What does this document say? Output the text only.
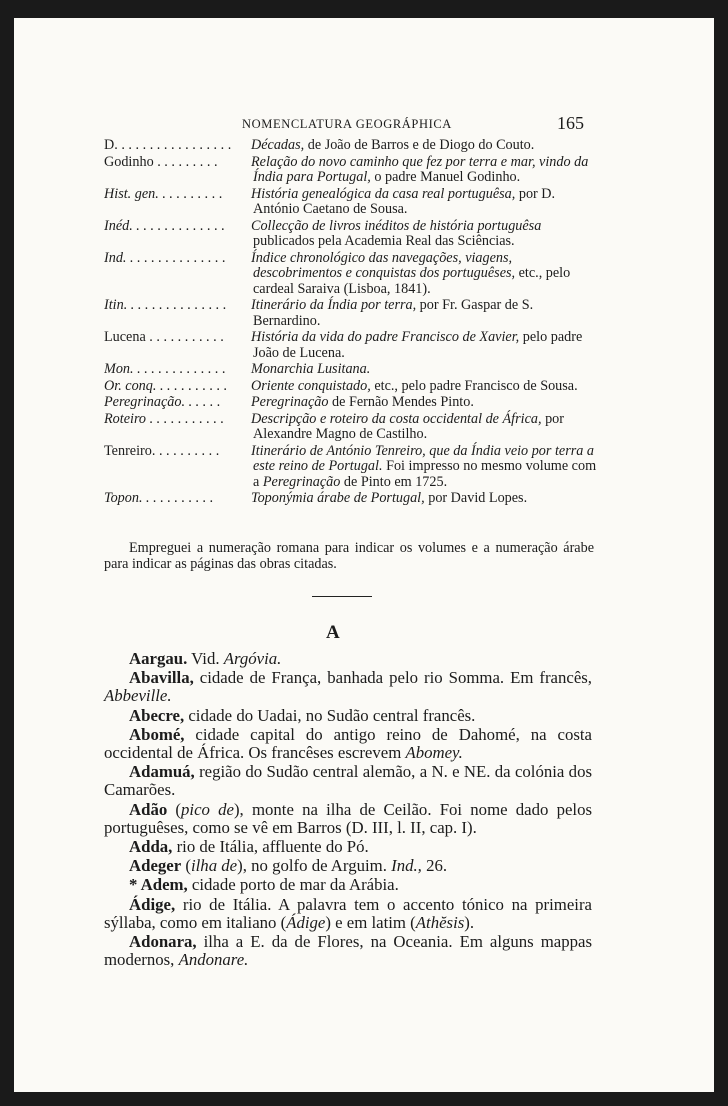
NOMENCLATURA GEOGRÁPHICA	165
D. . . . . . . . . . . . . . . . .	Décadas, de João de Barros e de Diogo do Couto.

Godinho . . . . . . . . .	Relação do novo caminho que fez por terra e mar, vindo da Índia para Portugal, o padre Manuel Godinho.

Hist. gen. . . . . . . . . .	História genealógica da casa real portuguêsa, por D. António Caetano de Sousa.

Inéd. . . . . . . . . . . . . .	Collecção de livros inéditos de história portuguêsa publicados pela Academia Real das Sciências.

Ind. . . . . . . . . . . . . . .	Índice chronológico das navegações, viagens, descobrimentos e conquistas dos portuguêses, etc., pelo cardeal Saraiva (Lisboa, 1841).

Itin. . . . . . . . . . . . . . .	Itinerário da Índia por terra, por Fr. Gaspar de S. Bernardino.

Lucena . . . . . . . . . . .	História da vida do padre Francisco de Xavier, pelo padre João de Lucena.

Mon. . . . . . . . . . . . . .	Monarchia Lusitana.

Or. conq. . . . . . . . . . .	Oriente conquistado, etc., pelo padre Francisco de Sousa.

Peregrinação. . . . . .	Peregrinação de Fernão Mendes Pinto.

Roteiro . . . . . . . . . . .	Descripção e roteiro da costa occidental de África, por Alexandre Magno de Castilho.

Tenreiro. . . . . . . . . .	Itinerário de António Tenreiro, que da Índia veio por terra a este reino de Portugal. Foi impresso no mesmo volume com a Peregrinação de Pinto em 1725.

Topon. . . . . . . . . . .	Toponýmia árabe de Portugal, por David Lopes.

Empreguei a numeração romana para indicar os volumes e a numeração árabe para indicar as páginas das obras citadas.
A

Aargau. Vid. Argóvia.

Abavilla, cidade de França, banhada pelo rio Somma. Em francês, Abbeville.

Abecre, cidade do Uadai, no Sudão central francês.

Abomé, cidade capital do antigo reino de Dahomé, na costa occidental de África. Os francêses escrevem Abomey.

Adamuá, região do Sudão central alemão, a N. e NE. da colónia dos Camarões.

Adão (pico de), monte na ilha de Ceilão. Foi nome dado pelos portuguêses, como se vê em Barros (D. III, l. II, cap. I).

Adda, rio de Itália, affluente do Pó.

Adeger (ilha de), no golfo de Arguim. Ind., 26.

* Adem, cidade porto de mar da Arábia.

Ádige, rio de Itália. A palavra tem o accento tónico na primeira sýllaba, como em italiano (Ádige) e em latim (Athĕsis).

Adonara, ilha a E. da de Flores, na Oceania. Em alguns mappas modernos, Andonare.
